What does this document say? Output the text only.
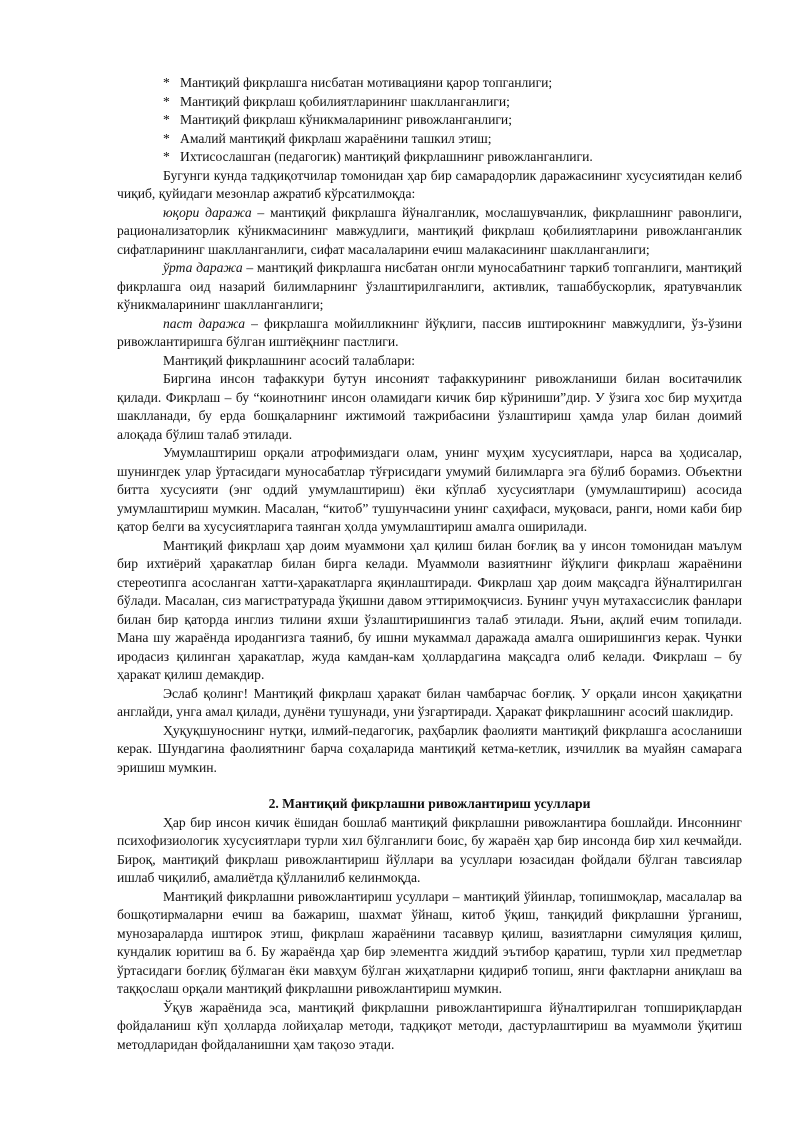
* Мантиқий фикрлашга нисбатан мотивацияни қарор топганлиги;
* Мантиқий фикрлаш қобилиятларининг шаклланганлиги;
* Мантиқий фикрлаш кўникмаларининг ривожланганлиги;
* Амалий мантиқий фикрлаш жараёнини ташкил этиш;
* Ихтисослашган (педагогик) мантиқий фикрлашнинг ривожланганлиги.

Бугунги кунда тадқиқотчилар томонидан ҳар бир самарадорлик даражасининг хусусиятидан келиб чиқиб, қуйидаги мезонлар ажратиб кўрсатилмоқда:

юқори даража – мантиқий фикрлашга йўналганлик, мослашувчанлик, фикрлашнинг равонлиги, рационализаторлик кўникмасининг мавжудлиги, мантиқий фикрлаш қобилиятларини ривожланганлик сифатларининг шаклланганлиги, сифат масалаларини ечиш малакасининг шаклланганлиги;

ўрта даража – мантиқий фикрлашга нисбатан онгли муносабатнинг таркиб топганлиги, мантиқий фикрлашга оид назарий билимларнинг ўзлаштирилганлиги, активлик, ташаббускорлик, яратувчанлик кўникмаларининг шаклланганлиги;

паст даража – фикрлашга мойилликнинг йўқлиги, пассив иштирокнинг мавжудлиги, ўз-ўзини ривожлантиришга бўлган иштиёқнинг пастлиги.

Мантиқий фикрлашнинг асосий талаблари:

Биргина инсон тафаккури бутун инсоният тафаккурининг ривожланиши билан воситачилик қилади. Фикрлаш – бу “коинотнинг инсон оламидаги кичик бир кўриниши”дир. У ўзига хос бир муҳитда шаклланади, бу ерда бошқаларнинг ижтимоий тажрибасини ўзлаштириш ҳамда улар билан доимий алоқада бўлиш талаб этилади.

Умумлаштириш орқали атрофимиздаги олам, унинг муҳим хусусиятлари, нарса ва ҳодисалар, шунингдек улар ўртасидаги муносабатлар тўғрисидаги умумий билимларга эга бўлиб борамиз. Объектни битта хусусияти (энг оддий умумлаштириш) ёки кўплаб хусусиятлари (умумлаштириш) асосида умумлаштириш мумкин. Масалан, “китоб” тушунчасини унинг саҳифаси, муқоваси, ранги, номи каби бир қатор белги ва хусусиятларига таянган ҳолда умумлаштириш амалга оширилади.

Мантиқий фикрлаш ҳар доим муаммони ҳал қилиш билан боғлиқ ва у инсон томонидан маълум бир ихтиёрий ҳаракатлар билан бирга келади. Муаммоли вазиятнинг йўқлиги фикрлаш жараёнини стереотипга асосланган хатти-ҳаракатларга яқинлаштиради. Фикрлаш ҳар доим мақсадга йўналтирилган бўлади. Масалан, сиз магистратурада ўқишни давом эттиримоқчисиз. Бунинг учун мутахассислик фанлари билан бир қаторда инглиз тилини яхши ўзлаштиришингиз талаб этилади. Яъни, ақлий ечим топилади. Мана шу жараёнда иродангизга таяниб, бу ишни мукаммал даражада амалга оширишингиз керак. Чунки иродасиз қилинган ҳаракатлар, жуда камдан-кам ҳоллардагина мақсадга олиб келади. Фикрлаш – бу ҳаракат қилиш демакдир.

Эслаб қолинг! Мантиқий фикрлаш ҳаракат билан чамбарчас боғлиқ. У орқали инсон ҳақиқатни англайди, унга амал қилади, дунёни тушунади, уни ўзгартиради. Ҳаракат фикрлашнинг асосий шаклидир.

Ҳуқуқшуноснинг нутқи, илмий-педагогик, раҳбарлик фаолияти мантиқий фикрлашга асосланиши керак. Шундагина фаолиятнинг барча соҳаларида мантиқий кетма-кетлик, изчиллик ва муайян самарага эришиш мумкин.

2. Мантиқий фикрлашни ривожлантириш усуллари

Ҳар бир инсон кичик ёшидан бошлаб мантиқий фикрлашни ривожлантира бошлайди. Инсоннинг психофизиологик хусусиятлари турли хил бўлганлиги боис, бу жараён ҳар бир инсонда бир хил кечмайди. Бироқ, мантиқий фикрлаш ривожлантириш йўллари ва усуллари юзасидан фойдали бўлган тавсиялар ишлаб чиқилиб, амалиётда қўлланилиб келинмоқда.

Мантиқий фикрлашни ривожлантириш усуллари – мантиқий ўйинлар, топишмоқлар, масалалар ва бошқотирмаларни ечиш ва бажариш, шахмат ўйнаш, китоб ўқиш, танқидий фикрлашни ўрганиш, мунозараларда иштирок этиш, фикрлаш жараёнини тасаввур қилиш, вазиятларни симуляция қилиш, кундалик юритиш ва б. Бу жараёнда ҳар бир элементга жиддий эътибор қаратиш, турли хил предметлар ўртасидаги боғлиқ бўлмаган ёки мавҳум бўлган жиҳатларни қидириб топиш, янги фактларни аниқлаш ва таққослаш орқали мантиқий фикрлашни ривожлантириш мумкин.

Ўқув жараёнида эса, мантиқий фикрлашни ривожлантиришга йўналтирилган топшириқлардан фойдаланиш кўп ҳолларда лойиҳалар методи, тадқиқот методи, дастурлаштириш ва муаммоли ўқитиш методларидан фойдаланишни ҳам тақозо этади.
